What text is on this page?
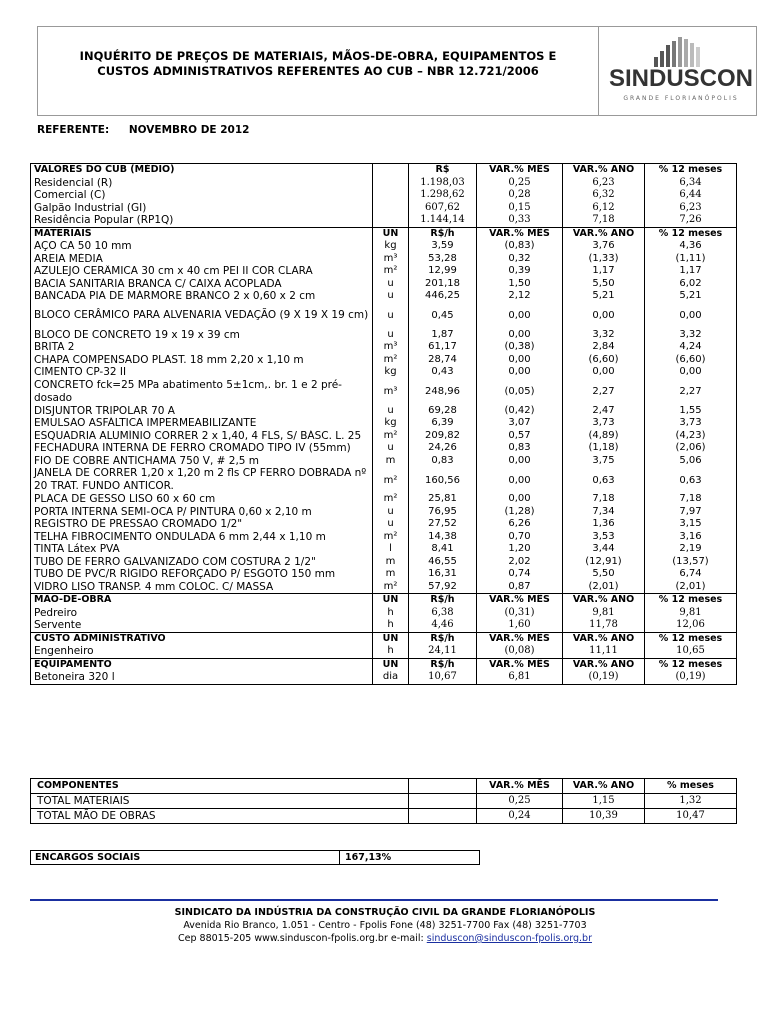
INQUÉRITO DE PREÇOS DE MATERIAIS, MÃOS-DE-OBRA, EQUIPAMENTOS E
CUSTOS ADMINISTRATIVOS REFERENTES AO CUB – NBR 12.721/2006	SINDUSCON
GRANDE FLORIANÓPOLIS
REFERENTE: NOVEMBRO DE 2012
VALORES DO CUB (MÉDIO)		R$	VAR.% MÊS	VAR.% ANO	% 12 meses
Residencial (R)		1.198,03	0,25	6,23	6,34
Comercial (C)		1.298,62	0,28	6,32	6,44
Galpão Industrial (GI)		607,62	0,15	6,12	6,23
Residência Popular (RP1Q)		1.144,14	0,33	7,18	7,26
MATERIAIS	UN	R$/h	VAR.% MÊS	VAR.% ANO	% 12 meses
AÇO CA 50 10 mm	kg	3,59	(0,83)	3,76	4,36
AREIA MÉDIA	m³	53,28	0,32	(1,33)	(1,11)
AZULEJO CERÂMICA 30 cm x 40 cm PEI II COR CLARA	m²	12,99	0,39	1,17	1,17
BACIA SANITÁRIA BRANCA C/ CAIXA ACOPLADA	u	201,18	1,50	5,50	6,02
BANCADA PIA DE MÁRMORE BRANCO 2 x 0,60 x 2 cm	u	446,25	2,12	5,21	5,21
BLOCO CERÂMICO PARA ALVENARIA VEDAÇÃO (9 X 19 X 19 cm)	u	0,45	0,00	0,00	0,00
BLOCO DE CONCRETO 19 x 19 x 39 cm	u	1,87	0,00	3,32	3,32
BRITA 2	m³	61,17	(0,38)	2,84	4,24
CHAPA COMPENSADO PLAST. 18 mm 2,20 x 1,10 m	m²	28,74	0,00	(6,60)	(6,60)
CIMENTO CP-32 II	kg	0,43	0,00	0,00	0,00
CONCRETO fck=25 MPa abatimento 5±1cm,. br. 1 e 2 pré-dosado	m³	248,96	(0,05)	2,27	2,27
DISJUNTOR TRIPOLAR 70 A	u	69,28	(0,42)	2,47	1,55
EMULSÃO ASFÁLTICA IMPERMEABILIZANTE	kg	6,39	3,07	3,73	3,73
ESQUADRIA ALUMÍNIO CORRER 2 x 1,40, 4 FLS, S/ BÁSC. L. 25	m²	209,82	0,57	(4,89)	(4,23)
FECHADURA INTERNA DE FERRO CROMADO TIPO IV (55mm)	u	24,26	0,83	(1,18)	(2,06)
FIO DE COBRE ANTICHAMA 750 V, # 2,5 m	m	0,83	0,00	3,75	5,06
JANELA DE CORRER 1,20 x 1,20 m 2 fls CP FERRO DOBRADA nº 20 TRAT. FUNDO ANTICOR.	m²	160,56	0,00	0,63	0,63
PLACA DE GESSO LISO 60 x 60 cm	m²	25,81	0,00	7,18	7,18
PORTA INTERNA SEMI-OCA P/ PINTURA 0,60 x 2,10 m	u	76,95	(1,28)	7,34	7,97
REGISTRO DE PRESSÃO CROMADO 1/2"	u	27,52	6,26	1,36	3,15
TELHA FIBROCIMENTO ONDULADA 6 mm 2,44 x 1,10 m	m²	14,38	0,70	3,53	3,16
TINTA Látex PVA	l	8,41	1,20	3,44	2,19
TUBO DE FERRO GALVANIZADO COM COSTURA 2 1/2"	m	46,55	2,02	(12,91)	(13,57)
TUBO DE PVC/R RÍGIDO REFORÇADO P/ ESGOTO 150 mm	m	16,31	0,74	5,50	6,74
VIDRO LISO TRANSP. 4 mm COLOC. C/ MASSA	m²	57,92	0,87	(2,01)	(2,01)
MÃO-DE-OBRA	UN	R$/h	VAR.% MÊS	VAR.% ANO	% 12 meses
Pedreiro	h	6,38	(0,31)	9,81	9,81
Servente	h	4,46	1,60	11,78	12,06
CUSTO ADMINISTRATIVO	UN	R$/h	VAR.% MÊS	VAR.% ANO	% 12 meses
Engenheiro	h	24,11	(0,08)	11,11	10,65
EQUIPAMENTO	UN	R$/h	VAR.% MÊS	VAR.% ANO	% 12 meses
Betoneira 320 l	dia	10,67	6,81	(0,19)	(0,19)
COMPONENTES		VAR.% MÊS	VAR.% ANO	% meses
TOTAL MATERIAIS		0,25	1,15	1,32
TOTAL MÃO DE OBRAS		0,24	10,39	10,47
ENCARGOS SOCIAIS	167,13%
SINDICATO DA INDÚSTRIA DA CONSTRUÇÃO CIVIL DA GRANDE FLORIANÓPOLIS
Avenida Rio Branco, 1.051 - Centro - Fpolis Fone (48) 3251-7700 Fax (48) 3251-7703
Cep 88015-205 www.sinduscon-fpolis.org.br e-mail: sinduscon@sinduscon-fpolis.org.br
